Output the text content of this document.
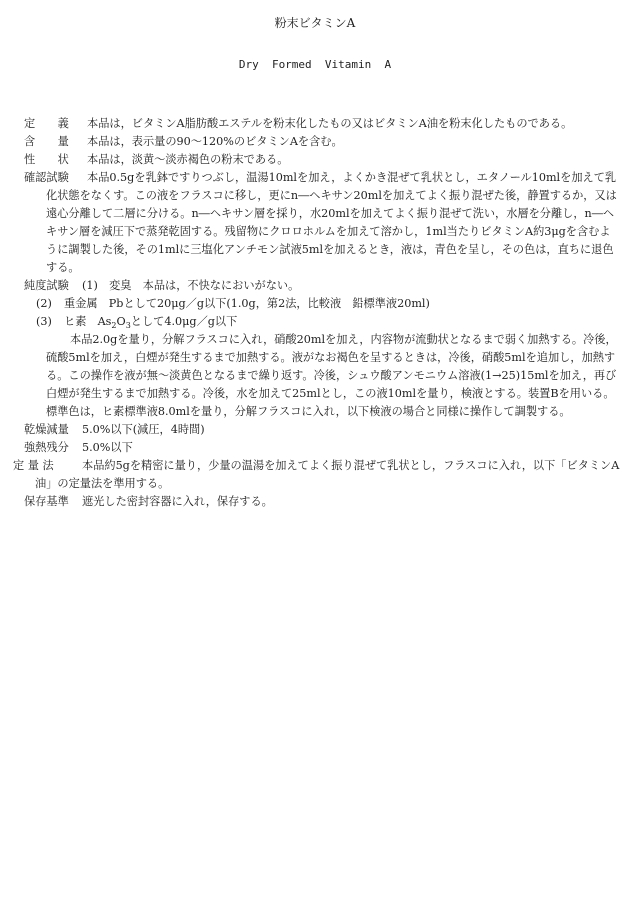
粉末ビタミンA
Dry  Formed  Vitamin  A

定　　義 本品は，ビタミンA脂肪酸エステルを粉末化したもの又はビタミンA油を粉末化したものである。

含　　量 本品は，表示量の90～120%のビタミンAを含む。

性　　状 本品は，淡黄～淡赤褐色の粉末である。

確認試験 本品0.5gを乳鉢ですりつぶし，温湯10mlを加え，よくかき混ぜて乳状とし，エタノール10mlを加えて乳化状態をなくす。この液をフラスコに移し，更にn―ヘキサン20mlを加えてよく振り混ぜた後，静置するか，又は遠心分離して二層に分ける。n―ヘキサン層を採り，水20mlを加えてよく振り混ぜて洗い，水層を分離し，n―ヘキサン層を減圧下で蒸発乾固する。残留物にクロロホルムを加えて溶かし，1ml当たりビタミンA約3μgを含むように調製した後，その1mlに三塩化アンチモン試液5mlを加えるとき，液は，青色を呈し，その色は，直ちに退色する。

純度試験 (1)　 変臭　本品は，不快なにおいがない。

(2) 重金属　Pbとして20μg／g以下(1.0g，第2法，比較液　鉛標準液20ml)

(3) ヒ素　 $As_2O_3$として4.0μg／g以下

本品2.0gを量り，分解フラスコに入れ，硝酸20mlを加え，内容物が流動状となるまで弱く加熱する。冷後，硫酸5mlを加え，白煙が発生するまで加熱する。液がなお褐色を呈するときは，冷後，硝酸5mlを追加し，加熱する。この操作を液が無～淡黄色となるまで繰り返す。冷後，シュウ酸アンモニウム溶液(1→25)15mlを加え，再び白煙が発生するまで加熱する。冷後，水を加えて25mlとし，この液10mlを量り，検液とする。装置Bを用いる。標準色は，ヒ素標準液8.0mlを量り，分解フラスコに入れ，以下検液の場合と同様に操作して調製する。

乾燥減量 5.0%以下(減圧，4時間)

強熱残分 5.0%以下

定 量 法	本品約5gを精密に量り，少量の温湯を加えてよく振り混ぜて乳状とし，フラスコに入れ，以下「ビタミンA油」の定量法を準用する。

保存基準 遮光した密封容器に入れ，保存する。
